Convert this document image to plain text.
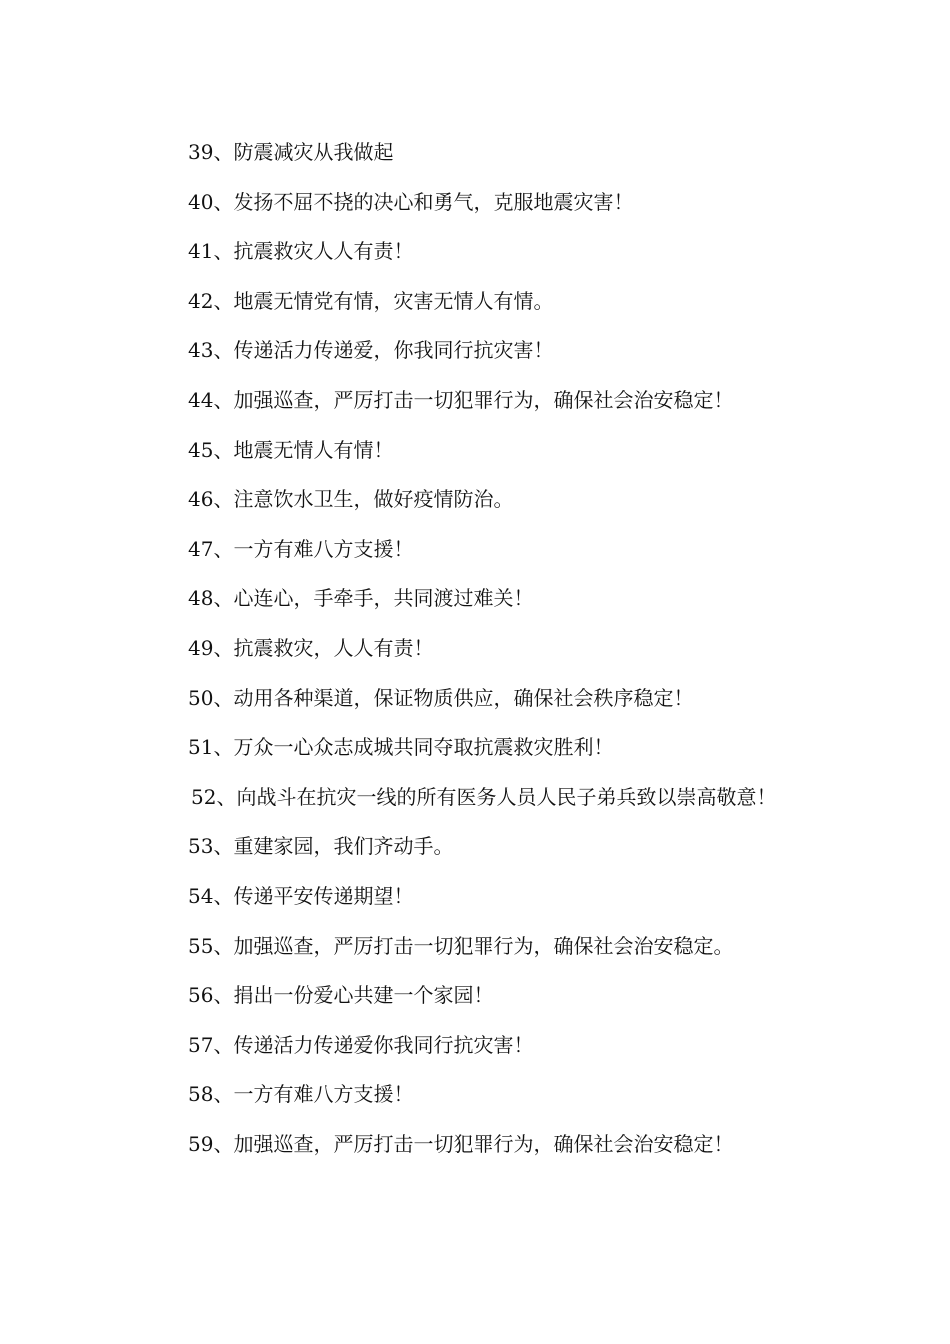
39、防震减灾从我做起

40、发扬不屈不挠的决心和勇气，克服地震灾害！

41、抗震救灾人人有责！

42、地震无情党有情，灾害无情人有情。

43、传递活力传递爱，你我同行抗灾害！

44、加强巡查，严厉打击一切犯罪行为，确保社会治安稳定！

45、地震无情人有情！

46、注意饮水卫生，做好疫情防治。

47、一方有难八方支援！

48、心连心，手牵手，共同渡过难关！

49、抗震救灾，人人有责！

50、动用各种渠道，保证物质供应，确保社会秩序稳定！

51、万众一心众志成城共同夺取抗震救灾胜利！

52、向战斗在抗灾一线的所有医务人员人民子弟兵致以崇高敬意！

53、重建家园，我们齐动手。

54、传递平安传递期望！

55、加强巡查，严厉打击一切犯罪行为，确保社会治安稳定。

56、捐出一份爱心共建一个家园！

57、传递活力传递爱你我同行抗灾害！

58、一方有难八方支援！

59、加强巡查，严厉打击一切犯罪行为，确保社会治安稳定！
